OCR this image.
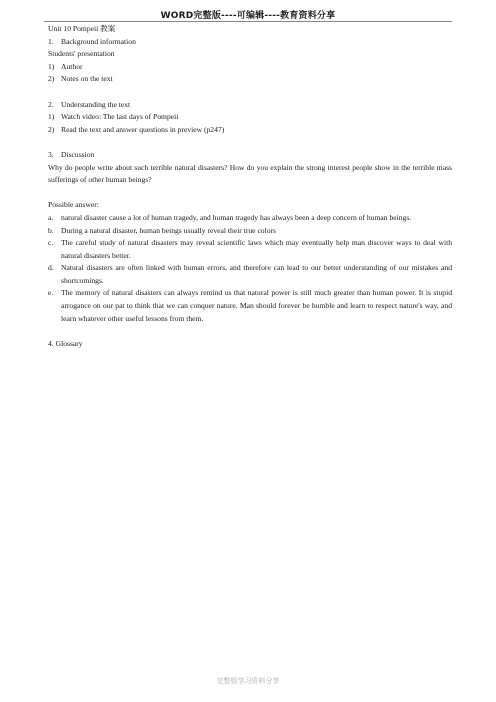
WORD完整版----可编辑----教育资料分享
Unit 10 Pompeii 教案
1. Background information
Students' presentation
1) Author
2) Notes on the text
2. Understanding the text
1) Watch video: The last days of Pompeii
2) Read the text and answer questions in preview (p247)
3. Discussion
Why do people write about such terrible natural disasters? How do you explain the strong interest people show in the terrible mass sufferings of other human beings?
Possible answer:
a.	natural disaster cause a lot of human tragedy, and human tragedy has always been a deep concern of human beings.
b. During a natural disaster, human beings usually reveal their true colors
c.	The careful study of natural disasters may reveal scientific laws which may eventually help man discover ways to deal with natural disasters better.
d. Natural disasters are often linked with human errors, and therefore can lead to our better understanding of our mistakes and shortcomings.
e.	The memory of natural disasters can always remind us that natural power is still much greater than human power. It is stupid arrogance on our pat to think that we can conquer nature. Man should forever be humble and learn to respect nature's way, and learn whatever other useful lessons from them.
4. Glossary
完整版学习资料分享
